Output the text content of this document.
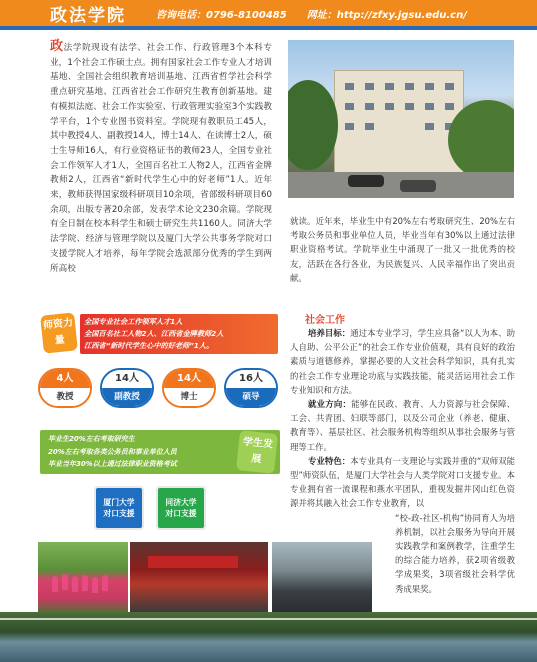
政法学院	咨询电话：0796-8100485 网址：http://zfxy.jgsu.edu.cn/
政法学院现设有法学、社会工作、行政管理3个本科专业，1个社会工作硕士点。拥有国家社会工作专业人才培训基地、全国社会组织教育培训基地、江西省哲学社会科学重点研究基地、江西省社会工作研究生教育创新基地。建有模拟法庭、社会工作实验室、行政管理实验室3个实践教学平台，1个专业图书资料室。学院现有教职员工45人，其中教授4人、副教授14人，博士14人、在读博士2人，硕士生导师16人，有行业资格证书的教师23人，全国专业社会工作领军人才1人，全国百名社工人物2人，江西省金牌教师2人，江西省“新时代学生心中的好老师”1人。近年来，教师获得国家级科研项目10余项，省部级科研项目60余项，出版专著20余部，发表学术论文230余篇。学院现有全日制在校本科学生和硕士研究生共1160人。同济大学法学院、经济与管理学院以及厦门大学公共事务学院对口支援学院人才培养，每年学院会选派部分优秀的学生到两所高校
就读。近年来，毕业生中有20%左右考取研究生、20%左右考取公务员和事业单位人员，毕业当年有30%以上通过法律职业资格考试。学院毕业生中涌现了一批又一批优秀的校友，活跃在各行各业，为民族复兴、人民幸福作出了突出贡献。
师资力量
全国专业社会工作领军人才1人
全国百名社工人物2人、江西省金牌教师2人
江西省“新时代学生心中的好老师”1人。
4人
教授
14人
副教授
14人
博士
16人
硕导
毕业生20%左右考取研究生
20%左右考取各类公务员和事业单位人员
毕业当年30%以上通过法律职业资格考试
学生发展
厦门大学
对口支援
同济大学
对口支援
社会工作

培养目标：通过本专业学习，学生应具备“以人为本、助人自助、公平公正”的社会工作专业价值观，具有良好的政治素质与道德修养，掌握必要的人文社会科学知识，具有扎实的社会工作专业理论功底与实践技能，能灵活运用社会工作专业知识和方法。

就业方向：能够在民政、教育、人力资源与社会保障、工会、共青团、妇联等部门，以及公司企业（养老、健康、教育等）、基层社区、社会服务机构等组织从事社会服务与管理等工作。

专业特色：本专业具有一支理论与实践并重的“双师双能型”师资队伍，是厦门大学社会与人类学院对口支援专业。本专业拥有省一流课程和燕水平团队，重视发掘井冈山红色资源并将其融入社会工作专业教育，以

“校-政-社区-机构”协同育人为培养机制，以社会服务为导向开展实践教学和案例教学，注重学生的综合能力培养，获2项省级教学成果奖，3项省级社会科学优秀成果奖。
